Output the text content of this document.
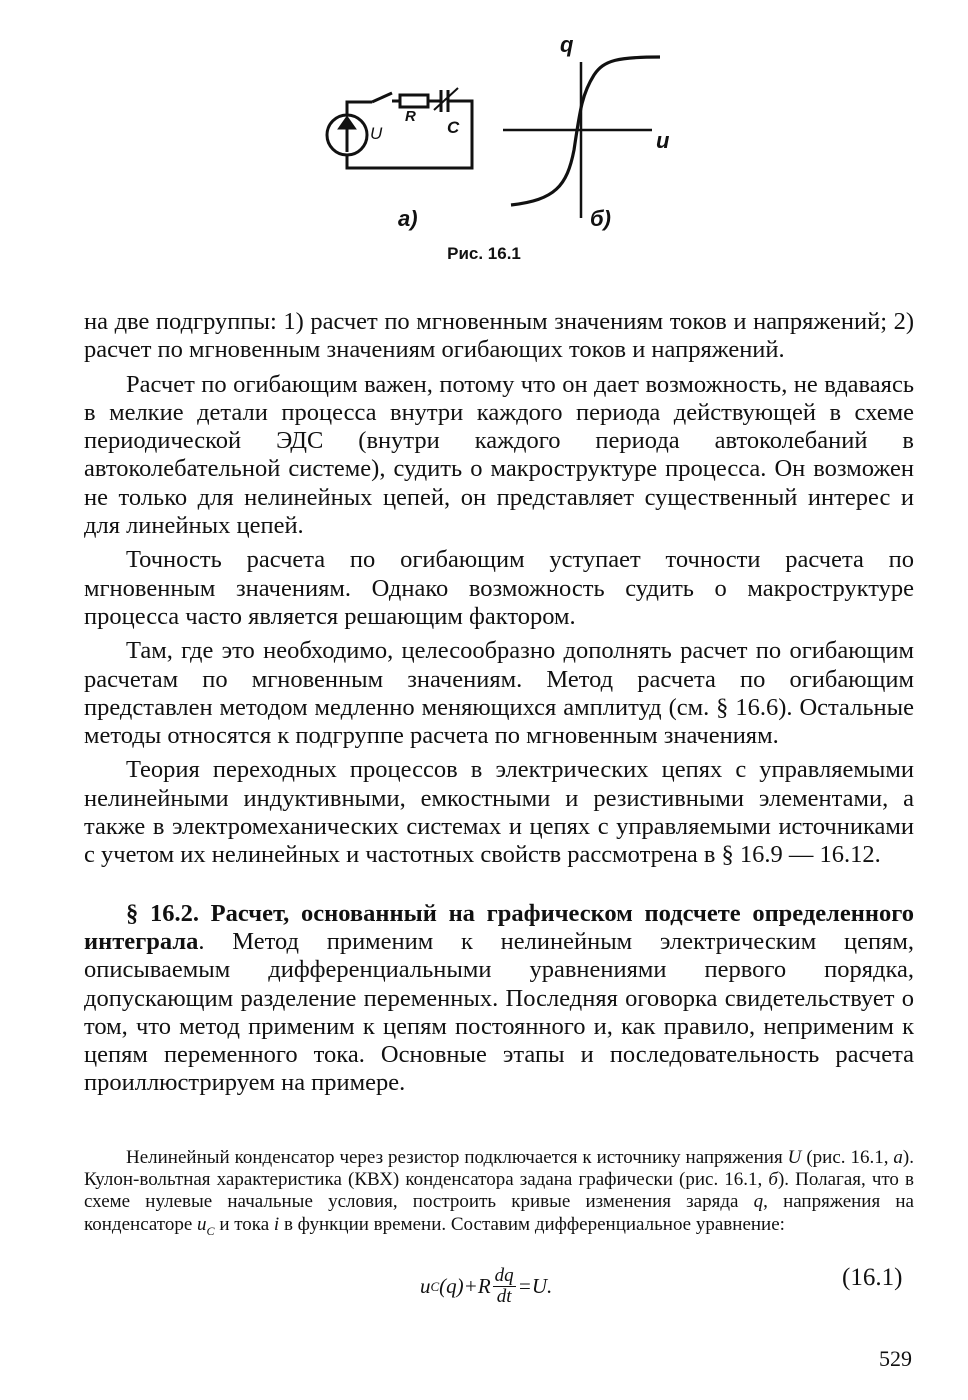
R
C
U
а)
q
u
б)

Рис. 16.1

на две подгруппы: 1) расчет по мгновенным значениям токов и напряжений; 2) расчет по мгновенным значениям огибающих токов и напряжений.

Расчет по огибающим важен, потому что он дает возможность, не вдаваясь в мелкие детали процесса внутри каждого периода действующей в схеме периодической ЭДС (внутри каждого периода автоколебаний в автоколебательной системе), судить о макроструктуре процесса. Он возможен не только для нелинейных цепей, он представляет существенный интерес и для линейных цепей.

Точность расчета по огибающим уступает точности расчета по мгновенным значениям. Однако возможность судить о макроструктуре процесса часто является решающим фактором.

Там, где это необходимо, целесообразно дополнять расчет по огибающим расчетам по мгновенным значениям. Метод расчета по огибающим представлен методом медленно меняющихся амплитуд (см. § 16.6). Остальные методы относятся к подгруппе расчета по мгновенным значениям.

Теория переходных процессов в электрических цепях с управляемыми нелинейными индуктивными, емкостными и резистивными элементами, а также в электромеханических системах и цепях с управляемыми источниками с учетом их нелинейных и частотных свойств рассмотрена в § 16.9 — 16.12.

§ 16.2. Расчет, основанный на графическом подсчете определенного интеграла. Метод применим к нелинейным электрическим цепям, описываемым дифференциальными уравнениями первого порядка, допускающим разделение переменных. Последняя оговорка свидетельствует о том, что метод применим к цепям постоянного и, как правило, неприменим к цепям переменного тока. Основные этапы и последовательность расчета проиллюстрируем на примере.

Нелинейный конденсатор через резистор подключается к источнику напряжения U (рис. 16.1, а). Кулон-вольтная характеристика (КВХ) конденсатора задана графически (рис. 16.1, б). Полагая, что в схеме нулевые начальные условия, построить кривые изменения заряда q, напряжения на конденсаторе $u_C$ и тока i в функции времени. Составим дифференциальное уравнение:

u C $(q)+R \frac{dq}{dt} =U$.	(16.1)
529
